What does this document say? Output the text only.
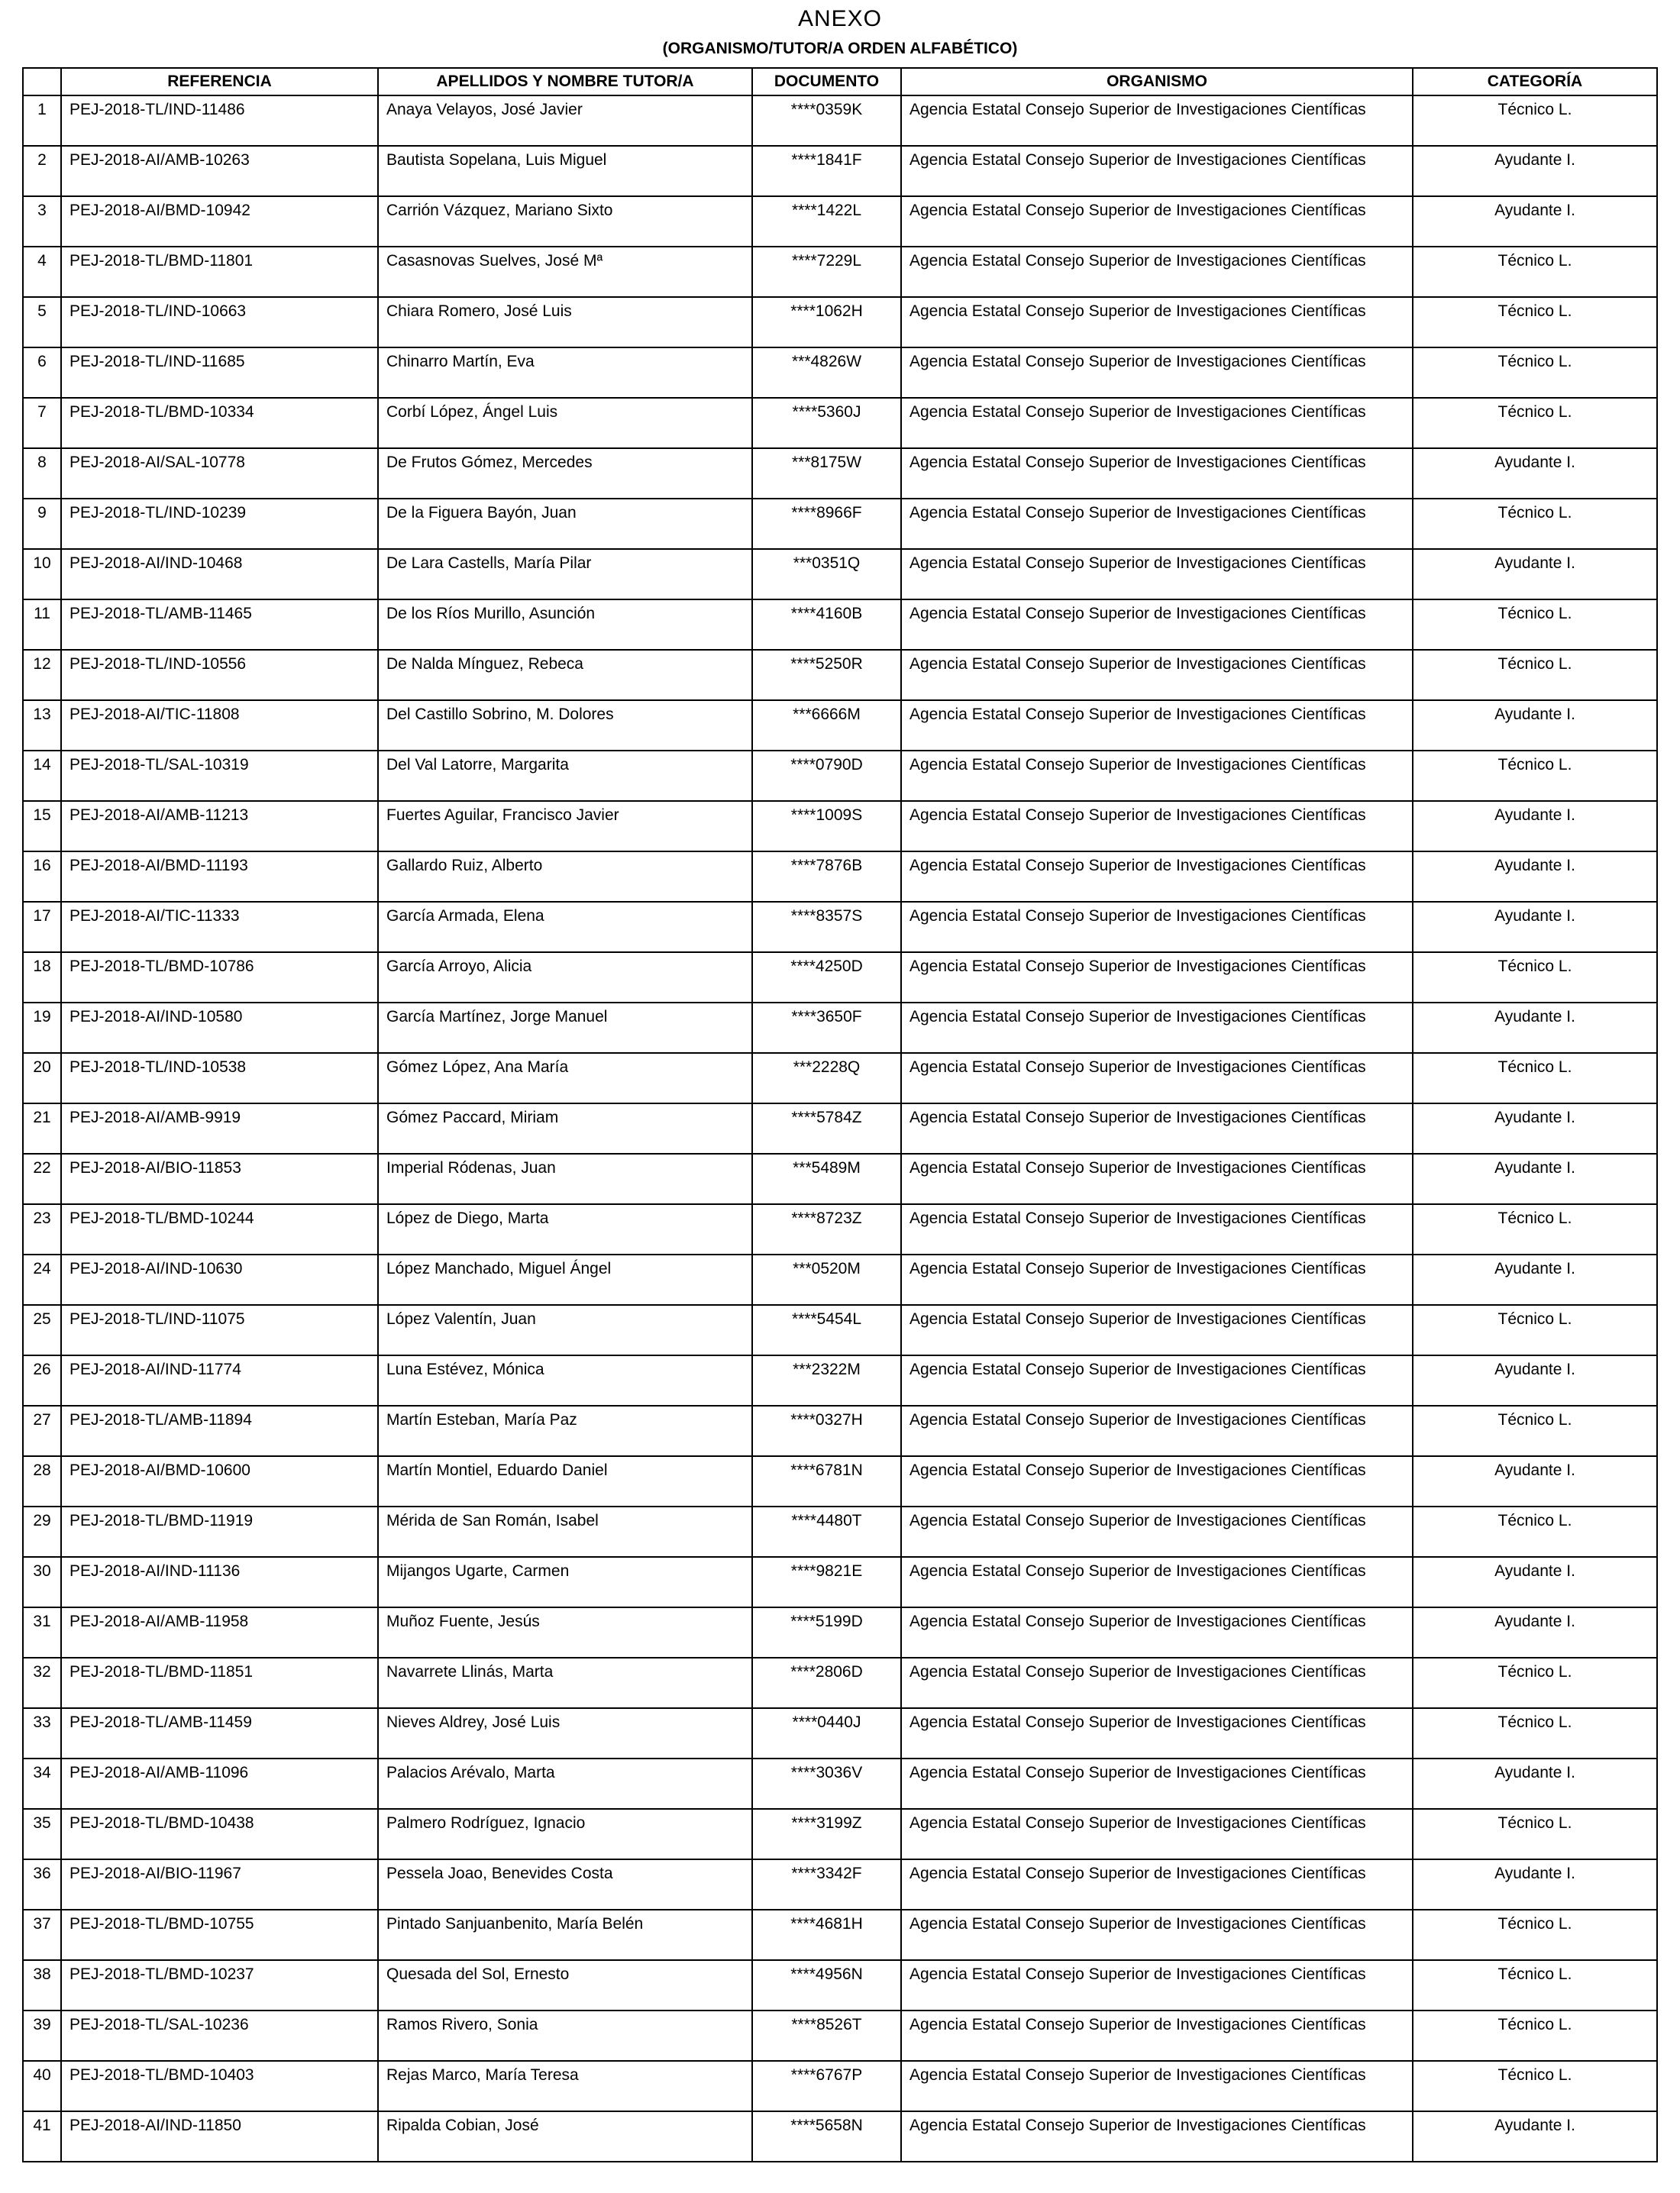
ANEXO
(ORGANISMO/TUTOR/A ORDEN ALFABÉTICO)
	REFERENCIA	APELLIDOS Y NOMBRE TUTOR/A	DOCUMENTO	ORGANISMO	CATEGORÍA
1	PEJ-2018-TL/IND-11486	Anaya Velayos, José Javier	****0359K	Agencia Estatal Consejo Superior de Investigaciones Científicas	Técnico L.
2	PEJ-2018-AI/AMB-10263	Bautista Sopelana, Luis Miguel	****1841F	Agencia Estatal Consejo Superior de Investigaciones Científicas	Ayudante I.
3	PEJ-2018-AI/BMD-10942	Carrión Vázquez, Mariano Sixto	****1422L	Agencia Estatal Consejo Superior de Investigaciones Científicas	Ayudante I.
4	PEJ-2018-TL/BMD-11801	Casasnovas Suelves, José Mª	****7229L	Agencia Estatal Consejo Superior de Investigaciones Científicas	Técnico L.
5	PEJ-2018-TL/IND-10663	Chiara Romero, José Luis	****1062H	Agencia Estatal Consejo Superior de Investigaciones Científicas	Técnico L.
6	PEJ-2018-TL/IND-11685	Chinarro Martín, Eva	***4826W	Agencia Estatal Consejo Superior de Investigaciones Científicas	Técnico L.
7	PEJ-2018-TL/BMD-10334	Corbí López, Ángel Luis	****5360J	Agencia Estatal Consejo Superior de Investigaciones Científicas	Técnico L.
8	PEJ-2018-AI/SAL-10778	De Frutos Gómez, Mercedes	***8175W	Agencia Estatal Consejo Superior de Investigaciones Científicas	Ayudante I.
9	PEJ-2018-TL/IND-10239	De la Figuera Bayón, Juan	****8966F	Agencia Estatal Consejo Superior de Investigaciones Científicas	Técnico L.
10	PEJ-2018-AI/IND-10468	De Lara Castells, María Pilar	***0351Q	Agencia Estatal Consejo Superior de Investigaciones Científicas	Ayudante I.
11	PEJ-2018-TL/AMB-11465	De los Ríos Murillo, Asunción	****4160B	Agencia Estatal Consejo Superior de Investigaciones Científicas	Técnico L.
12	PEJ-2018-TL/IND-10556	De Nalda Mínguez, Rebeca	****5250R	Agencia Estatal Consejo Superior de Investigaciones Científicas	Técnico L.
13	PEJ-2018-AI/TIC-11808	Del Castillo Sobrino, M. Dolores	***6666M	Agencia Estatal Consejo Superior de Investigaciones Científicas	Ayudante I.
14	PEJ-2018-TL/SAL-10319	Del Val Latorre, Margarita	****0790D	Agencia Estatal Consejo Superior de Investigaciones Científicas	Técnico L.
15	PEJ-2018-AI/AMB-11213	Fuertes Aguilar, Francisco Javier	****1009S	Agencia Estatal Consejo Superior de Investigaciones Científicas	Ayudante I.
16	PEJ-2018-AI/BMD-11193	Gallardo Ruiz, Alberto	****7876B	Agencia Estatal Consejo Superior de Investigaciones Científicas	Ayudante I.
17	PEJ-2018-AI/TIC-11333	García Armada, Elena	****8357S	Agencia Estatal Consejo Superior de Investigaciones Científicas	Ayudante I.
18	PEJ-2018-TL/BMD-10786	García Arroyo, Alicia	****4250D	Agencia Estatal Consejo Superior de Investigaciones Científicas	Técnico L.
19	PEJ-2018-AI/IND-10580	García Martínez, Jorge Manuel	****3650F	Agencia Estatal Consejo Superior de Investigaciones Científicas	Ayudante I.
20	PEJ-2018-TL/IND-10538	Gómez López, Ana María	***2228Q	Agencia Estatal Consejo Superior de Investigaciones Científicas	Técnico L.
21	PEJ-2018-AI/AMB-9919	Gómez Paccard, Miriam	****5784Z	Agencia Estatal Consejo Superior de Investigaciones Científicas	Ayudante I.
22	PEJ-2018-AI/BIO-11853	Imperial Ródenas, Juan	***5489M	Agencia Estatal Consejo Superior de Investigaciones Científicas	Ayudante I.
23	PEJ-2018-TL/BMD-10244	López de Diego, Marta	****8723Z	Agencia Estatal Consejo Superior de Investigaciones Científicas	Técnico L.
24	PEJ-2018-AI/IND-10630	López Manchado, Miguel Ángel	***0520M	Agencia Estatal Consejo Superior de Investigaciones Científicas	Ayudante I.
25	PEJ-2018-TL/IND-11075	López Valentín, Juan	****5454L	Agencia Estatal Consejo Superior de Investigaciones Científicas	Técnico L.
26	PEJ-2018-AI/IND-11774	Luna Estévez, Mónica	***2322M	Agencia Estatal Consejo Superior de Investigaciones Científicas	Ayudante I.
27	PEJ-2018-TL/AMB-11894	Martín Esteban, María Paz	****0327H	Agencia Estatal Consejo Superior de Investigaciones Científicas	Técnico L.
28	PEJ-2018-AI/BMD-10600	Martín Montiel, Eduardo Daniel	****6781N	Agencia Estatal Consejo Superior de Investigaciones Científicas	Ayudante I.
29	PEJ-2018-TL/BMD-11919	Mérida de San Román, Isabel	****4480T	Agencia Estatal Consejo Superior de Investigaciones Científicas	Técnico L.
30	PEJ-2018-AI/IND-11136	Mijangos Ugarte, Carmen	****9821E	Agencia Estatal Consejo Superior de Investigaciones Científicas	Ayudante I.
31	PEJ-2018-AI/AMB-11958	Muñoz Fuente, Jesús	****5199D	Agencia Estatal Consejo Superior de Investigaciones Científicas	Ayudante I.
32	PEJ-2018-TL/BMD-11851	Navarrete Llinás, Marta	****2806D	Agencia Estatal Consejo Superior de Investigaciones Científicas	Técnico L.
33	PEJ-2018-TL/AMB-11459	Nieves Aldrey, José Luis	****0440J	Agencia Estatal Consejo Superior de Investigaciones Científicas	Técnico L.
34	PEJ-2018-AI/AMB-11096	Palacios Arévalo, Marta	****3036V	Agencia Estatal Consejo Superior de Investigaciones Científicas	Ayudante I.
35	PEJ-2018-TL/BMD-10438	Palmero Rodríguez, Ignacio	****3199Z	Agencia Estatal Consejo Superior de Investigaciones Científicas	Técnico L.
36	PEJ-2018-AI/BIO-11967	Pessela Joao, Benevides Costa	****3342F	Agencia Estatal Consejo Superior de Investigaciones Científicas	Ayudante I.
37	PEJ-2018-TL/BMD-10755	Pintado Sanjuanbenito, María Belén	****4681H	Agencia Estatal Consejo Superior de Investigaciones Científicas	Técnico L.
38	PEJ-2018-TL/BMD-10237	Quesada del Sol, Ernesto	****4956N	Agencia Estatal Consejo Superior de Investigaciones Científicas	Técnico L.
39	PEJ-2018-TL/SAL-10236	Ramos Rivero, Sonia	****8526T	Agencia Estatal Consejo Superior de Investigaciones Científicas	Técnico L.
40	PEJ-2018-TL/BMD-10403	Rejas Marco, María Teresa	****6767P	Agencia Estatal Consejo Superior de Investigaciones Científicas	Técnico L.
41	PEJ-2018-AI/IND-11850	Ripalda Cobian, José	****5658N	Agencia Estatal Consejo Superior de Investigaciones Científicas	Ayudante I.
